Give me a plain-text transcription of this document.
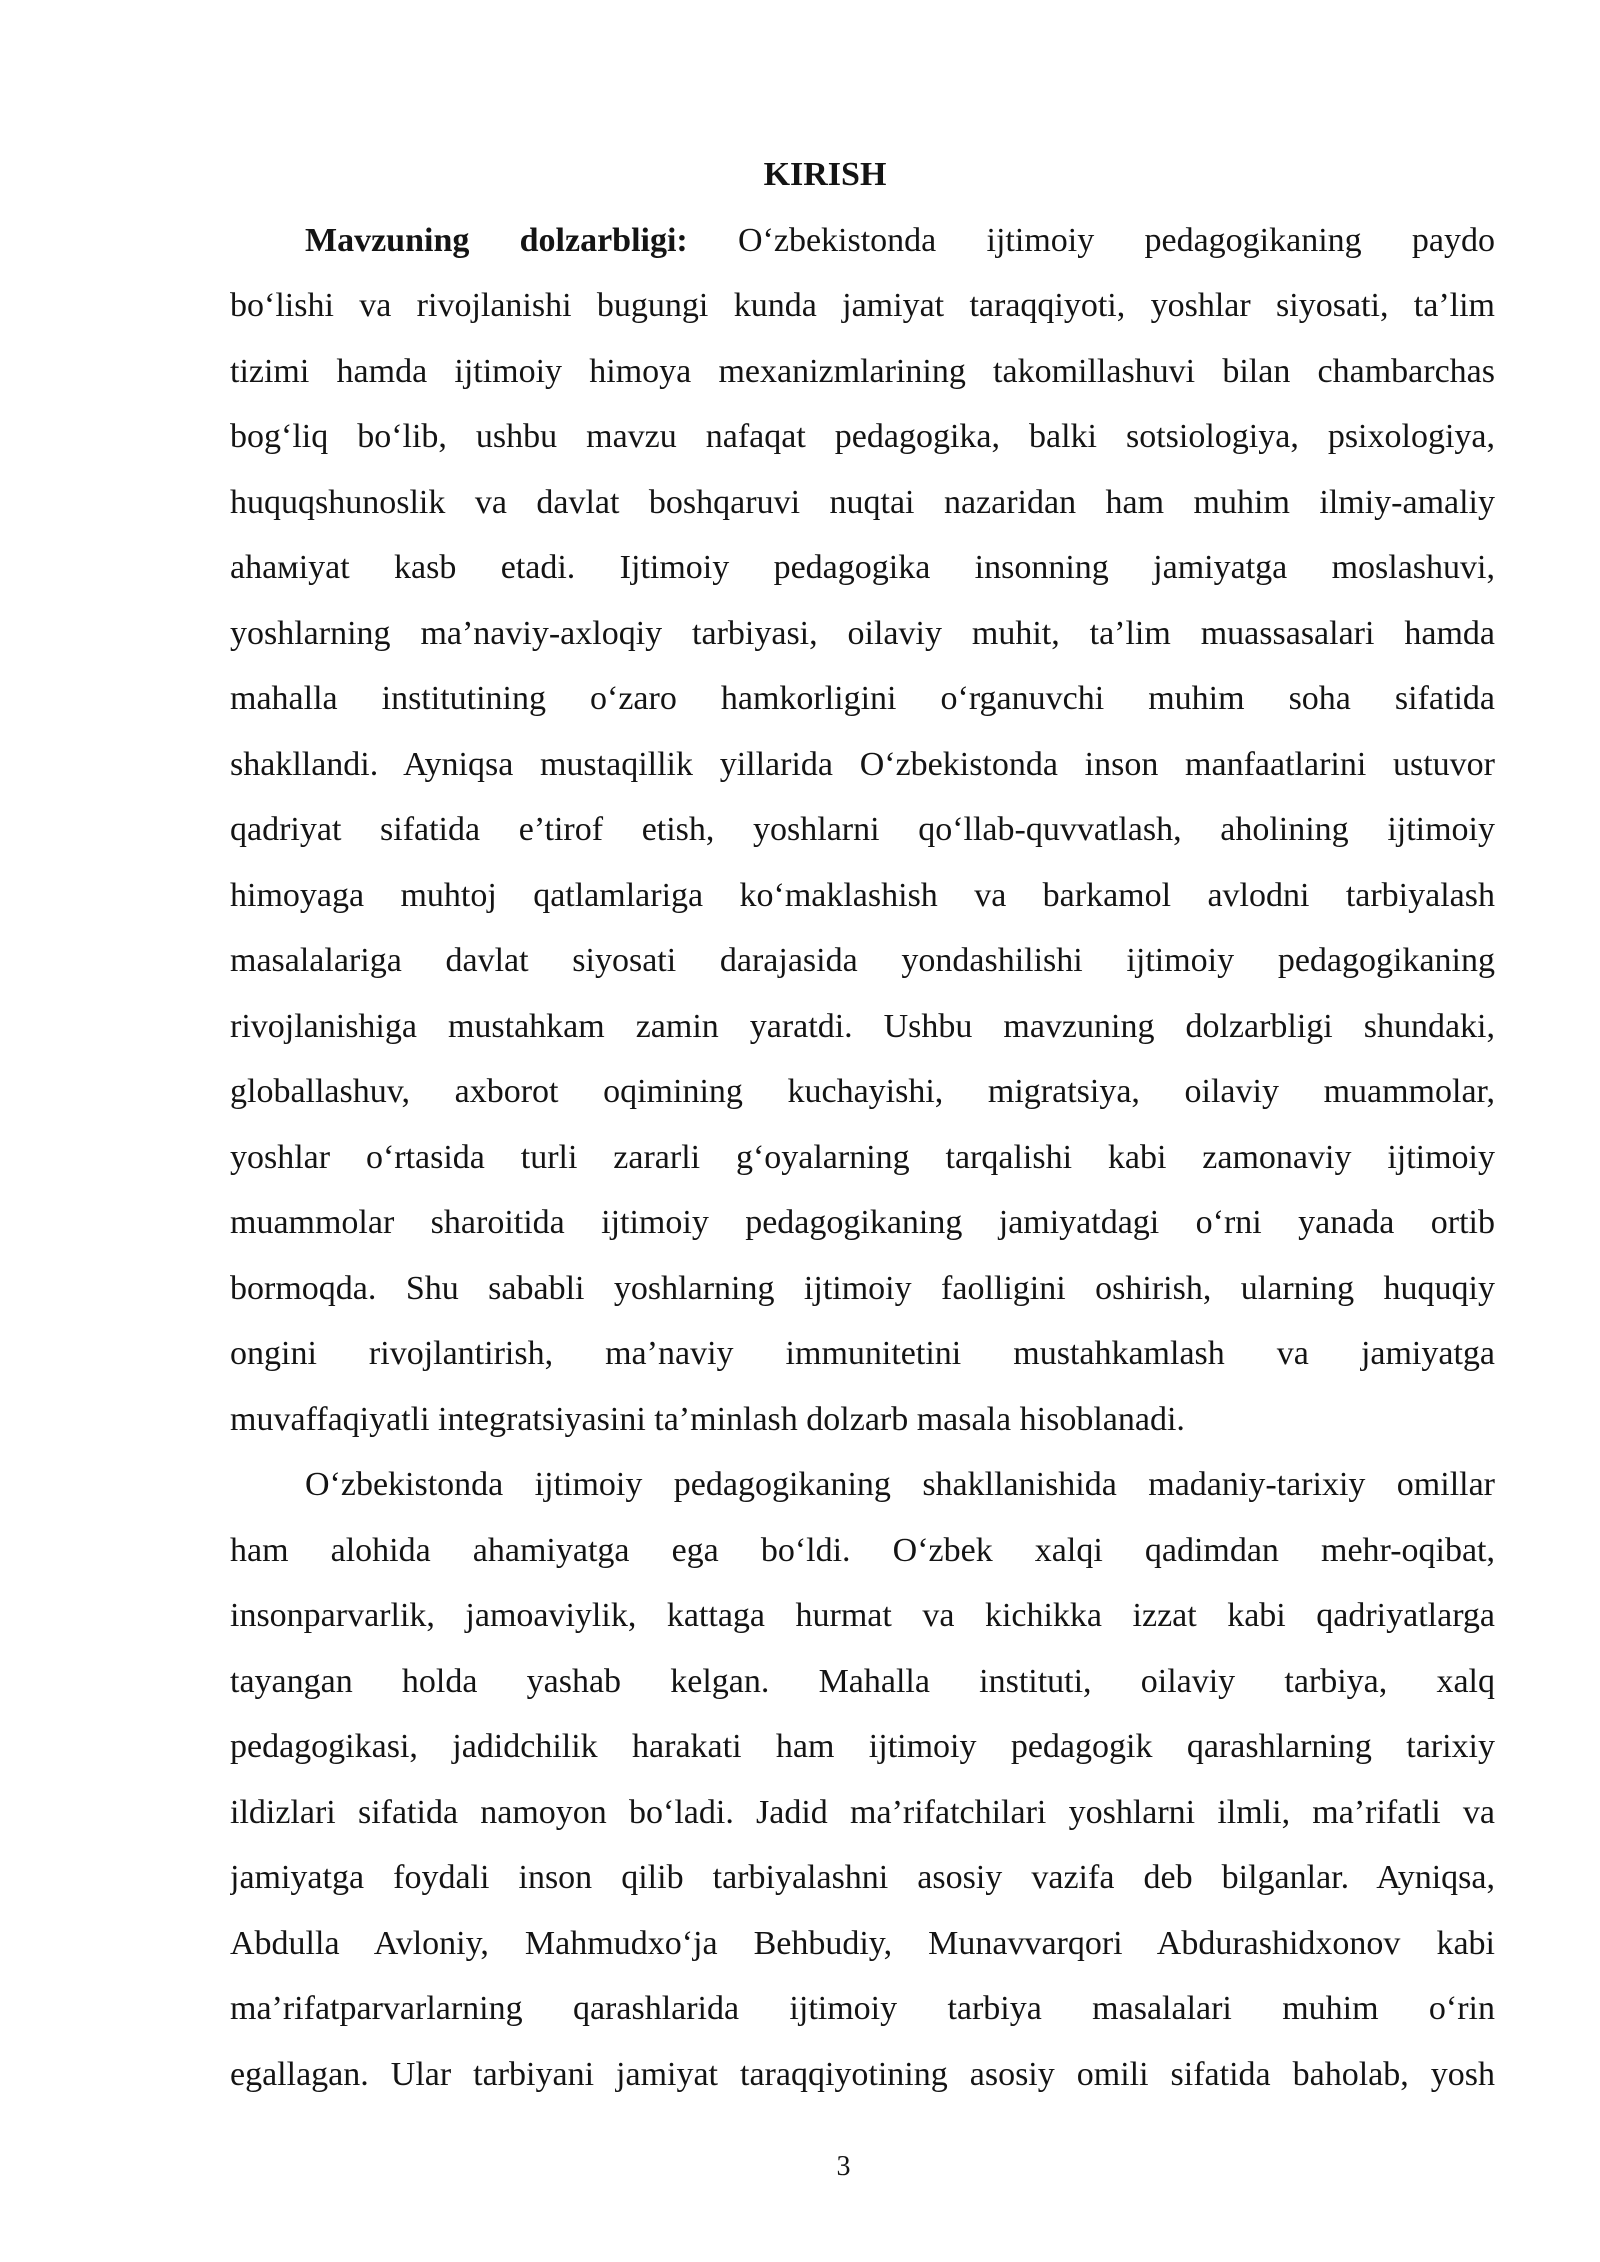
KIRISH
Mavzuning dolzarbligi: O‘zbekistonda ijtimoiy pedagogikaning paydo
bo‘lishi va rivojlanishi bugungi kunda jamiyat taraqqiyoti, yoshlar siyosati, ta’lim
tizimi hamda ijtimoiy himoya mexanizmlarining takomillashuvi bilan chambarchas
bog‘liq bo‘lib, ushbu mavzu nafaqat pedagogika, balki sotsiologiya, psixologiya,
huquqshunoslik va davlat boshqaruvi nuqtai nazaridan ham muhim ilmiy-amaliy
ahaмiyat kasb etadi. Ijtimoiy pedagogika insonning jamiyatga moslashuvi,
yoshlarning ma’naviy-axloqiy tarbiyasi, oilaviy muhit, ta’lim muassasalari hamda
mahalla institutining o‘zaro hamkorligini o‘rganuvchi muhim soha sifatida
shakllandi. Ayniqsa mustaqillik yillarida O‘zbekistonda inson manfaatlarini ustuvor
qadriyat sifatida e’tirof etish, yoshlarni qo‘llab-quvvatlash, aholining ijtimoiy
himoyaga muhtoj qatlamlariga ko‘maklashish va barkamol avlodni tarbiyalash
masalalariga davlat siyosati darajasida yondashilishi ijtimoiy pedagogikaning
rivojlanishiga mustahkam zamin yaratdi. Ushbu mavzuning dolzarbligi shundaki,
globallashuv, axborot oqimining kuchayishi, migratsiya, oilaviy muammolar,
yoshlar o‘rtasida turli zararli g‘oyalarning tarqalishi kabi zamonaviy ijtimoiy
muammolar sharoitida ijtimoiy pedagogikaning jamiyatdagi o‘rni yanada ortib
bormoqda. Shu sababli yoshlarning ijtimoiy faolligini oshirish, ularning huquqiy
ongini rivojlantirish, ma’naviy immunitetini mustahkamlash va jamiyatga
muvaffaqiyatli integratsiyasini ta’minlash dolzarb masala hisoblanadi.
O‘zbekistonda ijtimoiy pedagogikaning shakllanishida madaniy-tarixiy omillar
ham alohida ahamiyatga ega bo‘ldi. O‘zbek xalqi qadimdan mehr-oqibat,
insonparvarlik, jamoaviylik, kattaga hurmat va kichikka izzat kabi qadriyatlarga
tayangan holda yashab kelgan. Mahalla instituti, oilaviy tarbiya, xalq
pedagogikasi, jadidchilik harakati ham ijtimoiy pedagogik qarashlarning tarixiy
ildizlari sifatida namoyon bo‘ladi. Jadid ma’rifatchilari yoshlarni ilmli, ma’rifatli va
jamiyatga foydali inson qilib tarbiyalashni asosiy vazifa deb bilganlar. Ayniqsa,
Abdulla Avloniy, Mahmudxo‘ja Behbudiy, Munavvarqori Abdurashidxonov kabi
ma’rifatparvarlarning qarashlarida ijtimoiy tarbiya masalalari muhim o‘rin
egallagan. Ular tarbiyani jamiyat taraqqiyotining asosiy omili sifatida baholab, yosh
3
